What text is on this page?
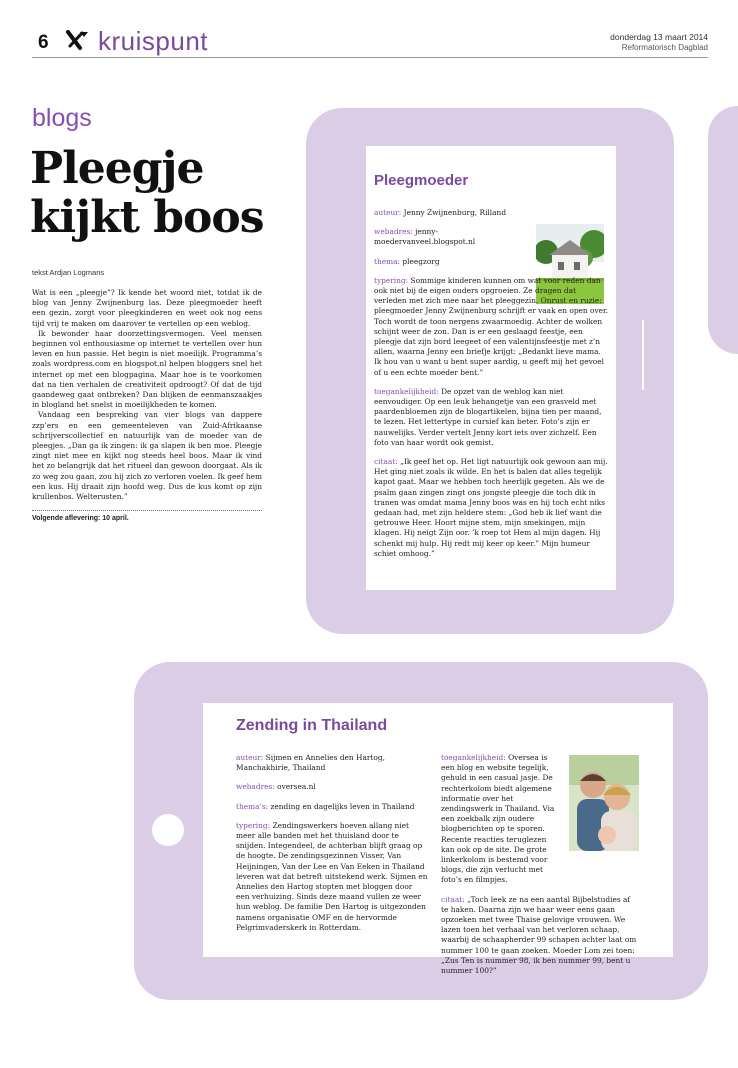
6 kruispunt	donderdag 13 maart 2014
Reformatorisch Dagblad
blogs
Pleegje kijkt boos
tekst Ardjan Logmans

Wat is een „pleegje”? Ik kende het woord niet, totdat ik de blog van Jenny Zwijnenburg las. Deze pleegmoeder heeft een gezin, zorgt voor pleegkinderen en weet ook nog eens tijd vrij te maken om daarover te vertellen op een weblog.

Ik bewonder haar doorzettingsvermogen. Veel mensen beginnen vol enthousiasme op internet te vertellen over hun leven en hun passie. Het begin is niet moeilijk. Programma’s zoals wordpress.com en blogspot.nl helpen bloggers snel het internet op met een blogpagina. Maar hoe is te voorkomen dat na tien verhalen de creativiteit opdroogt? Of dat de tijd gaandeweg gaat ontbreken? Dan blijken de eenmanszaakjes in blogland het snelst in moeilijkheden te komen.

Vandaag een bespreking van vier blogs van dappere zzp’ers en een gemeenteleven van Zuid-Afrikaanse schrijverscollectief en natuurlijk van de moeder van de pleegjes. „Dan ga ik zingen: ik ga slapen ik ben moe. Pleegje zingt niet mee en kijkt nog steeds heel boos. Maar ik vind het zo belangrijk dat het ritueel dan gewoon doorgaat. Als ik zo weg zou gaan, zou hij zich zo verloren voelen. Ik geef hem een kus. Hij draait zijn hoofd weg. Dus de kus komt op zijn krullenbos. Welterusten.”

Volgende aflevering: 10 april.
Pleegmoeder
auteur: Jenny Zwijnenburg, Rilland
webadres: jenny-moedervanveel.blogspot.nl
thema: pleegzorg
typering: Sommige kinderen kunnen om wat voor reden dan ook niet bij de eigen ouders opgroeien. Ze dragen dat verleden met zich mee naar het pleeggezin. Onrust en ruzie: pleegmoeder Jenny Zwijnenburg schrijft er vaak en open over. Toch wordt de toon nergens zwaarmoedig. Achter de wolken schijnt weer de zon. Dan is er een geslaagd feestje, een pleegje dat zijn bord leegeet of een valentijnsfeestje met z’n allen, waarna Jenny een briefje krijgt: „Bedankt lieve mama. Ik hou van u want u bent super aardig, u geeft mij het gevoel of u een echte moeder bent.”
toegankelijkheid: De opzet van de weblog kan niet eenvoudiger. Op een leuk behangetje van een grasveld met paardenbloemen zijn de blogartikelen, bijna tien per maand, te lezen. Het lettertype in cursief kan beter. Foto’s zijn er nauwelijks. Verder vertelt Jenny kort iets over zichzelf. Een foto van haar wordt ook gemist.
citaat: „Ik geef het op. Het ligt natuurlijk ook gewoon aan mij. Het ging niet zoals ik wilde. En het is balen dat alles tegelijk kapot gaat. Maar we hebben toch heerlijk gegeten. Als we de psalm gaan zingen zingt ons jongste pleegje die toch dik in tranen was omdat mama Jenny boos was en hij toch echt niks gedaan had, met zijn heldere stem: „God heb ik lief want die getrouwe Heer. Hoort mijne stem, mijn smekingen, mijn klagen. Hij neigt Zijn oor. ’k roep tot Hem al mijn dagen. Hij schenkt mij hulp. Hij redt mij keer op keer.” Mijn humeur schiet omhoog.”
Zending in Thailand
auteur: Sijmen en Annelies den Hartog, Manchakhirie, Thailand
webadres: oversea.nl
thema’s: zending en dagelijks leven in Thailand
typering: Zendingswerkers hoeven allang niet meer alle banden met het thuisland door te snijden. Integendeel, de achterban blijft graag op de hoogte. De zendingsgezinnen Visser, Van Heijningen, Van der Lee en Van Eeken in Thailand leveren wat dat betreft uitstekend werk. Sijmen en Annelies den Hartog stopten met bloggen door een verhuizing. Sinds deze maand vullen ze weer hun weblog. De familie Den Hartog is uitgezonden namens organisatie OMF en de hervormde Pelgrimvaderskerk in Rotterdam.
toegankelijkheid: Oversea is een blog en website tegelijk, gehuld in een casual jasje. De rechterkolom biedt algemene informatie over het zendingswerk in Thailand. Via een zoekbalk zijn oudere blogberichten op te sporen. Recente reacties teruglezen kan ook op de site. De grote linkerkolom is bestemd voor blogs, die zijn verlucht met foto’s en filmpjes.
citaat: „Toch leek ze na een aantal Bijbelstudies af te haken. Daarna zijn we haar weer eens gaan opzoeken met twee Thaise gelovige vrouwen. We lazen toen het verhaal van het verloren schaap, waarbij de schaapherder 99 schapen achter laat om nummer 100 te gaan zoeken. Moeder Lom zei toen: „Zus Ten is nummer 98, ik ben nummer 99, bent u nummer 100?”
